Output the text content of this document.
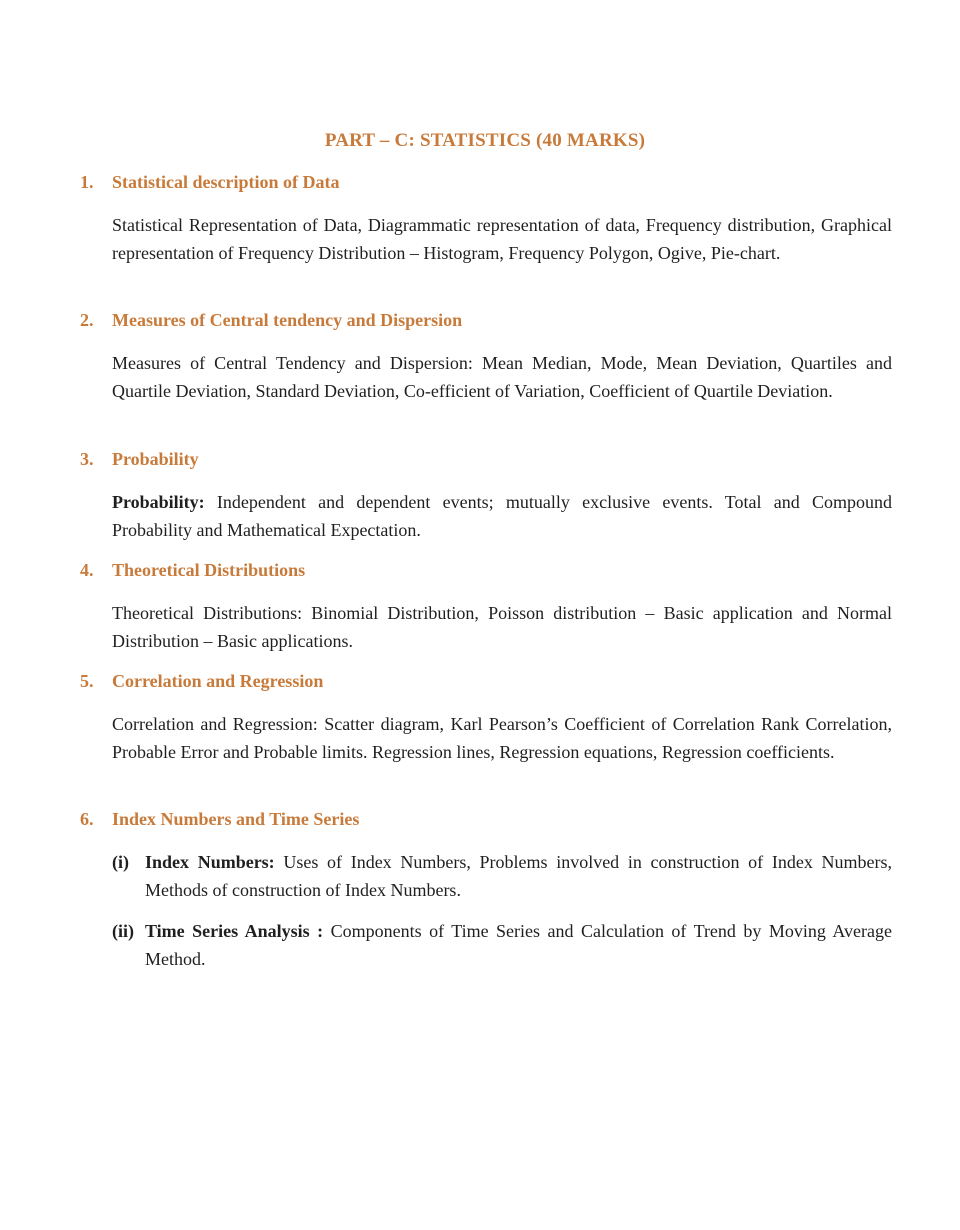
PART – C: STATISTICS (40 MARKS)
1. Statistical description of Data
Statistical Representation of Data, Diagrammatic representation of data, Frequency distribution, Graphical representation of Frequency Distribution – Histogram, Frequency Polygon, Ogive, Pie-chart.
2. Measures of Central tendency and Dispersion
Measures of Central Tendency and Dispersion: Mean Median, Mode, Mean Deviation, Quartiles and Quartile Deviation, Standard Deviation, Co-efficient of Variation, Coefficient of Quartile Deviation.
3. Probability
Probability: Independent and dependent events; mutually exclusive events. Total and Compound Probability and Mathematical Expectation.
4. Theoretical Distributions
Theoretical Distributions: Binomial Distribution, Poisson distribution – Basic application and Normal Distribution – Basic applications.
5. Correlation and Regression
Correlation and Regression: Scatter diagram, Karl Pearson’s Coefficient of Correlation Rank Correlation, Probable Error and Probable limits. Regression lines, Regression equations, Regression coefficients.
6. Index Numbers and Time Series
(i) Index Numbers: Uses of Index Numbers, Problems involved in construction of Index Numbers, Methods of construction of Index Numbers.
(ii) Time Series Analysis : Components of Time Series and Calculation of Trend by Moving Average Method.
